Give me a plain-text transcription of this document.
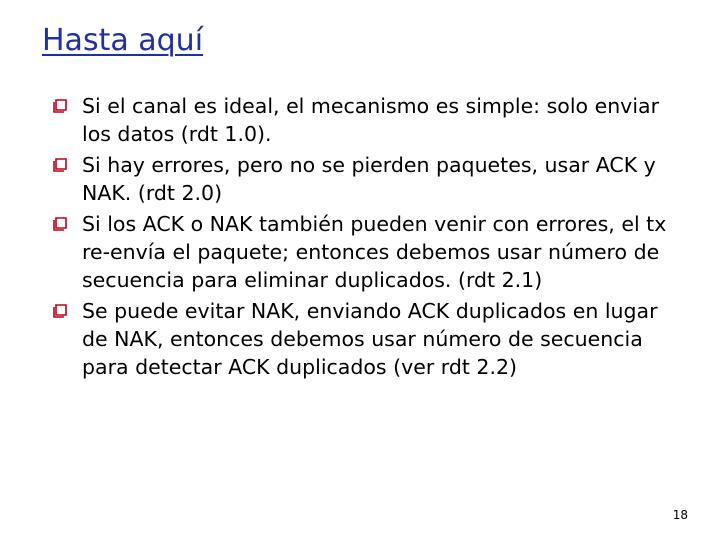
Hasta aquí
Si el canal es ideal, el mecanismo es simple: solo enviar los datos (rdt 1.0).
Si hay errores, pero no se pierden paquetes, usar ACK y NAK. (rdt 2.0)
Si los ACK o NAK también pueden venir con errores, el tx re-envía el paquete; entonces debemos usar número de secuencia para eliminar duplicados. (rdt 2.1)
Se puede evitar NAK, enviando ACK duplicados en lugar de NAK, entonces debemos usar número de secuencia para detectar ACK duplicados (ver rdt 2.2)
18
